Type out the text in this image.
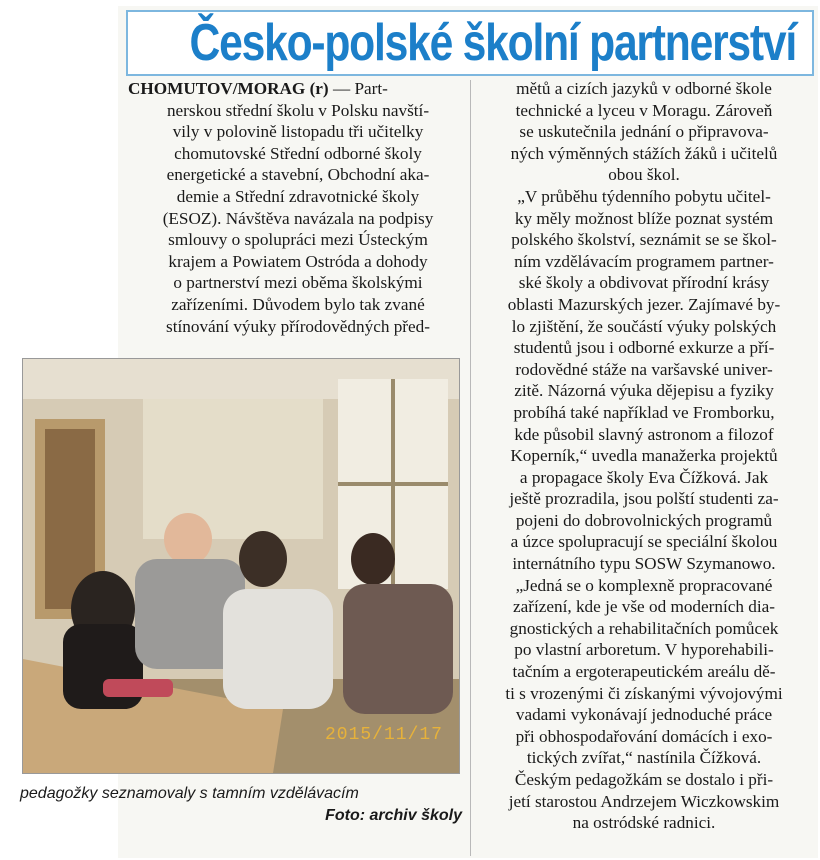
Česko-polské školní partnerství
CHOMUTOV/MORAG (r) — Part-
nerskou střední školu v Polsku navští-
vily v polovině listopadu tři učitelky
chomutovské Střední odborné školy
energetické a stavební, Obchodní aka-
demie a Střední zdravotnické školy
(ESOZ). Návštěva navázala na podpisy
smlouvy o spolupráci mezi Ústeckým
krajem a Powiatem Ostróda a dohody
o partnerství mezi oběma školskými
zařízeními. Důvodem bylo tak zvané
stínování výuky přírodovědných před-
mětů a cizích jazyků v odborné škole
technické a lyceu v Moragu. Zároveň
se uskutečnila jednání o připravova-
ných výměnných stážích žáků i učitelů
obou škol.
„V průběhu týdenního pobytu učitel-
ky měly možnost blíže poznat systém
polského školství, seznámit se se škol-
ním vzdělávacím programem partner-
ské školy a obdivovat přírodní krásy
oblasti Mazurských jezer. Zajímavé by-
lo zjištění, že součástí výuky polských
studentů jsou i odborné exkurze a pří-
rodovědné stáže na varšavské univer-
zitě. Názorná výuka dějepisu a fyziky
probíhá také například ve Fromborku,
kde působil slavný astronom a filozof
Koperník,“ uvedla manažerka projektů
a propagace školy Eva Čížková. Jak
ještě prozradila, jsou polští studenti za-
pojeni do dobrovolnických programů
a úzce spolupracují se speciální školou
internátního typu SOSW Szymanowo.
„Jedná se o komplexně propracované
zařízení, kde je vše od moderních dia-
gnostických a rehabilitačních pomůcek
po vlastní arboretum. V hyporehabili-
tačním a ergoterapeutickém areálu dě-
ti s vrozenými či získanými vývojovými
vadami vykonávají jednoduché práce
při obhospodařování domácích i exo-
tických zvířat,“ nastínila Čížková.
Českým pedagožkám se dostalo i při-
jetí starostou Andrzejem Wiczkowskim
na ostródské radnici.
2015/11/17
pedagožky seznamovaly s tamním vzdělávacím
Foto: archiv školy
